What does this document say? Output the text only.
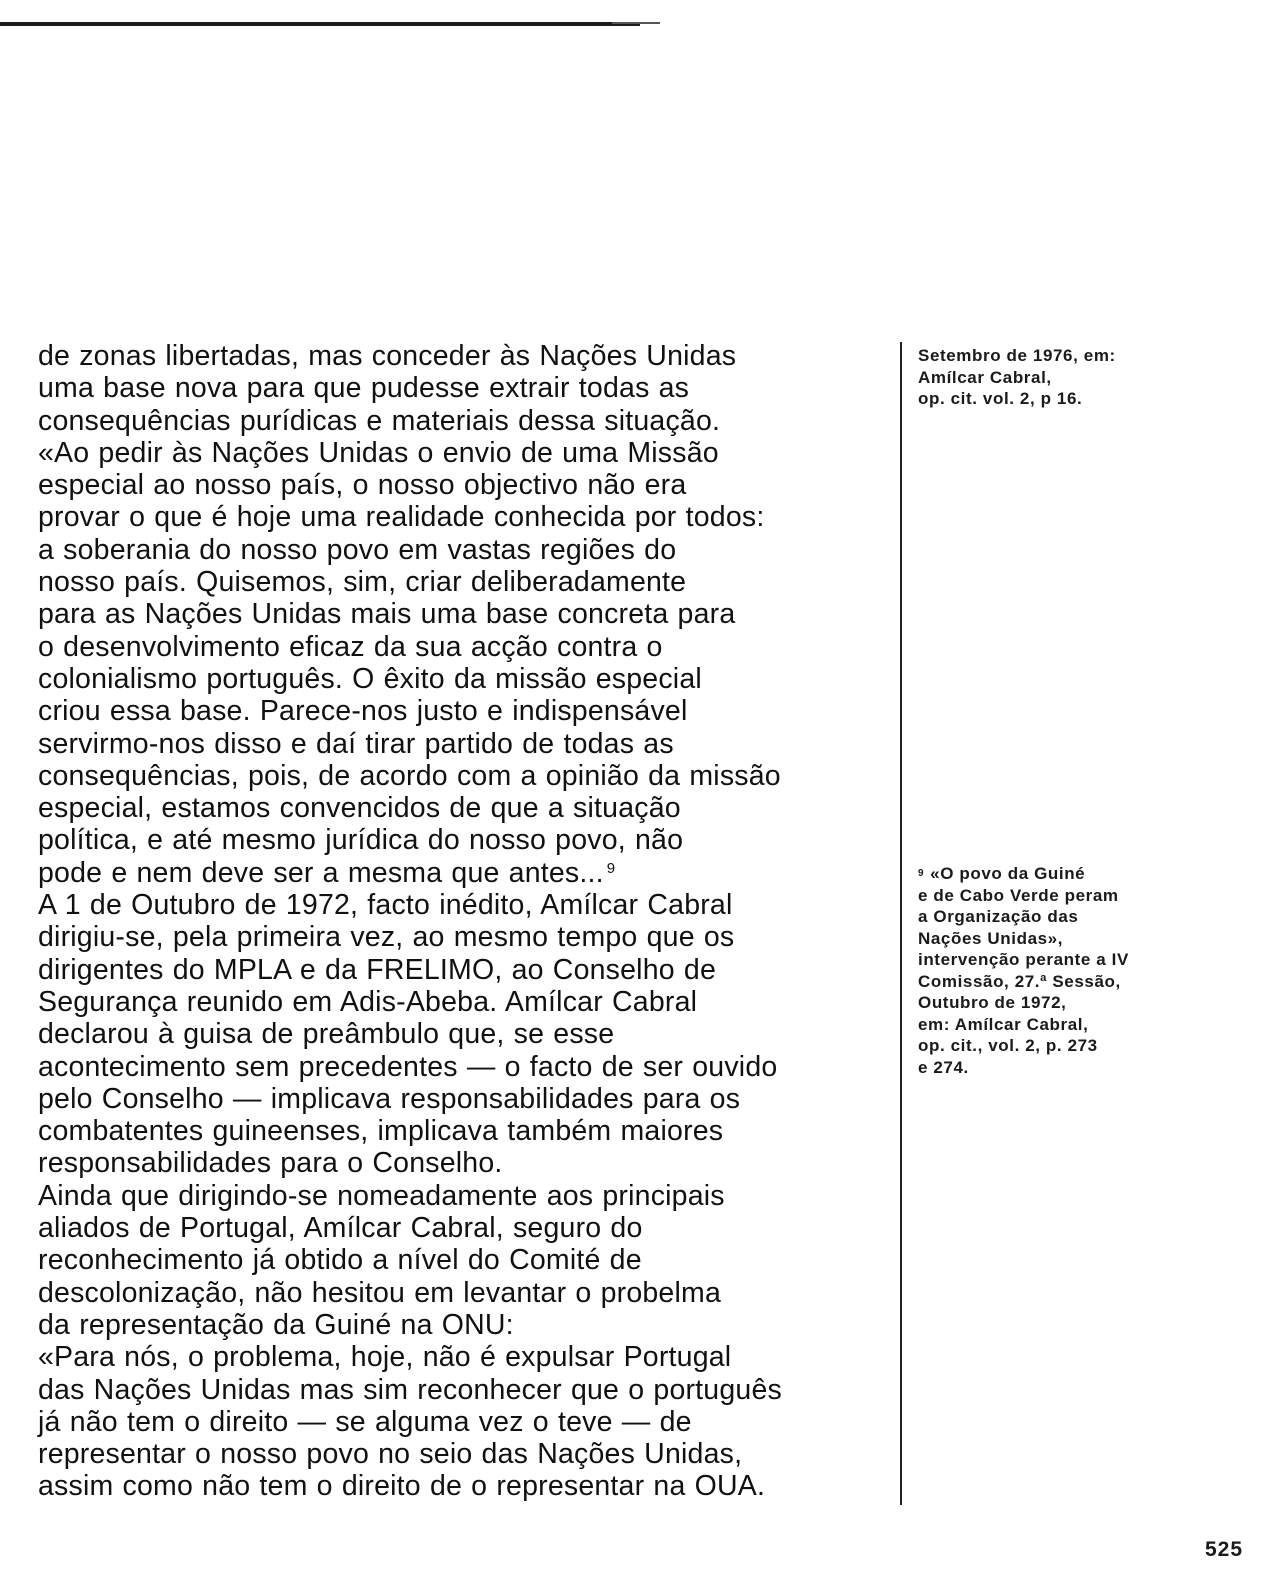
de zonas libertadas, mas conceder às Nações Unidas
uma base nova para que pudesse extrair todas as
consequências purídicas e materiais dessa situação.
«Ao pedir às Nações Unidas o envio de uma Missão
especial ao nosso país, o nosso objectivo não era
provar o que é hoje uma realidade conhecida por todos:
a soberania do nosso povo em vastas regiões do
nosso país. Quisemos, sim, criar deliberadamente
para as Nações Unidas mais uma base concreta para
o desenvolvimento eficaz da sua acção contra o
colonialismo português. O êxito da missão especial
criou essa base. Parece-nos justo e indispensável
servirmo-nos disso e daí tirar partido de todas as
consequências, pois, de acordo com a opinião da missão
especial, estamos convencidos de que a situação
política, e até mesmo jurídica do nosso povo, não
pode e nem deve ser a mesma que antes... $^9$
A 1 de Outubro de 1972, facto inédito, Amílcar Cabral
dirigiu-se, pela primeira vez, ao mesmo tempo que os
dirigentes do MPLA e da FRELIMO, ao Conselho de
Segurança reunido em Adis-Abeba. Amílcar Cabral
declarou à guisa de preâmbulo que, se esse
acontecimento sem precedentes — o facto de ser ouvido
pelo Conselho — implicava responsabilidades para os
combatentes guineenses, implicava também maiores
responsabilidades para o Conselho.
Ainda que dirigindo-se nomeadamente aos principais
aliados de Portugal, Amílcar Cabral, seguro do
reconhecimento já obtido a nível do Comité de
descolonização, não hesitou em levantar o probelma
da representação da Guiné na ONU:
«Para nós, o problema, hoje, não é expulsar Portugal
das Nações Unidas mas sim reconhecer que o português
já não tem o direito — se alguma vez o teve — de
representar o nosso povo no seio das Nações Unidas,
assim como não tem o direito de o representar na OUA.
Setembro de 1976, em:
Amílcar Cabral,
op. cit. vol. 2, p 16.
$^9$ «O povo da Guiné
e de Cabo Verde peram
a Organização das
Nações Unidas»,
intervenção perante a IV
Comissão, 27.ª Sessão,
Outubro de 1972,
em: Amílcar Cabral,
op. cit., vol. 2, p. 273
e 274.
525
